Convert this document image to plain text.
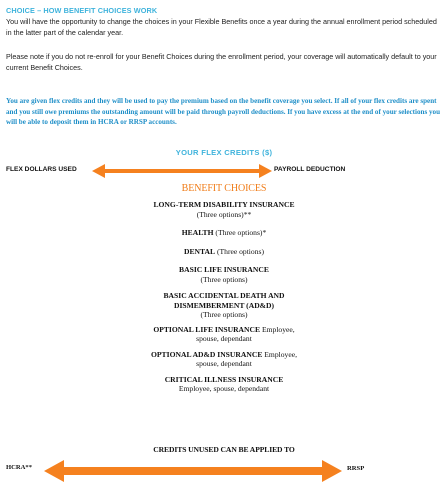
CHOICE – HOW BENEFIT CHOICES WORK
You will have the opportunity to change the choices in your Flexible Benefits once a year during the annual enrollment period scheduled in the latter part of the calendar year.
Please note if you do not re-enroll for your Benefit Choices during the enrollment period, your coverage will automatically default to your current Benefit Choices.
You are given flex credits and they will be used to pay the premium based on the benefit coverage you select. If all of your flex credits are spent and you still owe premiums the outstanding amount will be paid through payroll deductions. If you have excess at the end of your selections you will be able to deposit them in HCRA or RRSP accounts.
YOUR FLEX CREDITS ($)
FLEX DOLLARS USED	PAYROLL DEDUCTION
BENEFIT CHOICES
LONG-TERM DISABILITY INSURANCE
(Three options)**
HEALTH (Three options)*
DENTAL (Three options)
BASIC LIFE INSURANCE
(Three options)
BASIC ACCIDENTAL DEATH AND
DISMEMBERMENT (AD&D)
(Three options)
OPTIONAL LIFE INSURANCE Employee,
spouse, dependant
OPTIONAL AD&D INSURANCE Employee,
spouse, dependant
CRITICAL ILLNESS INSURANCE
Employee, spouse, dependant
CREDITS UNUSED CAN BE APPLIED TO
HCRA**	RRSP
